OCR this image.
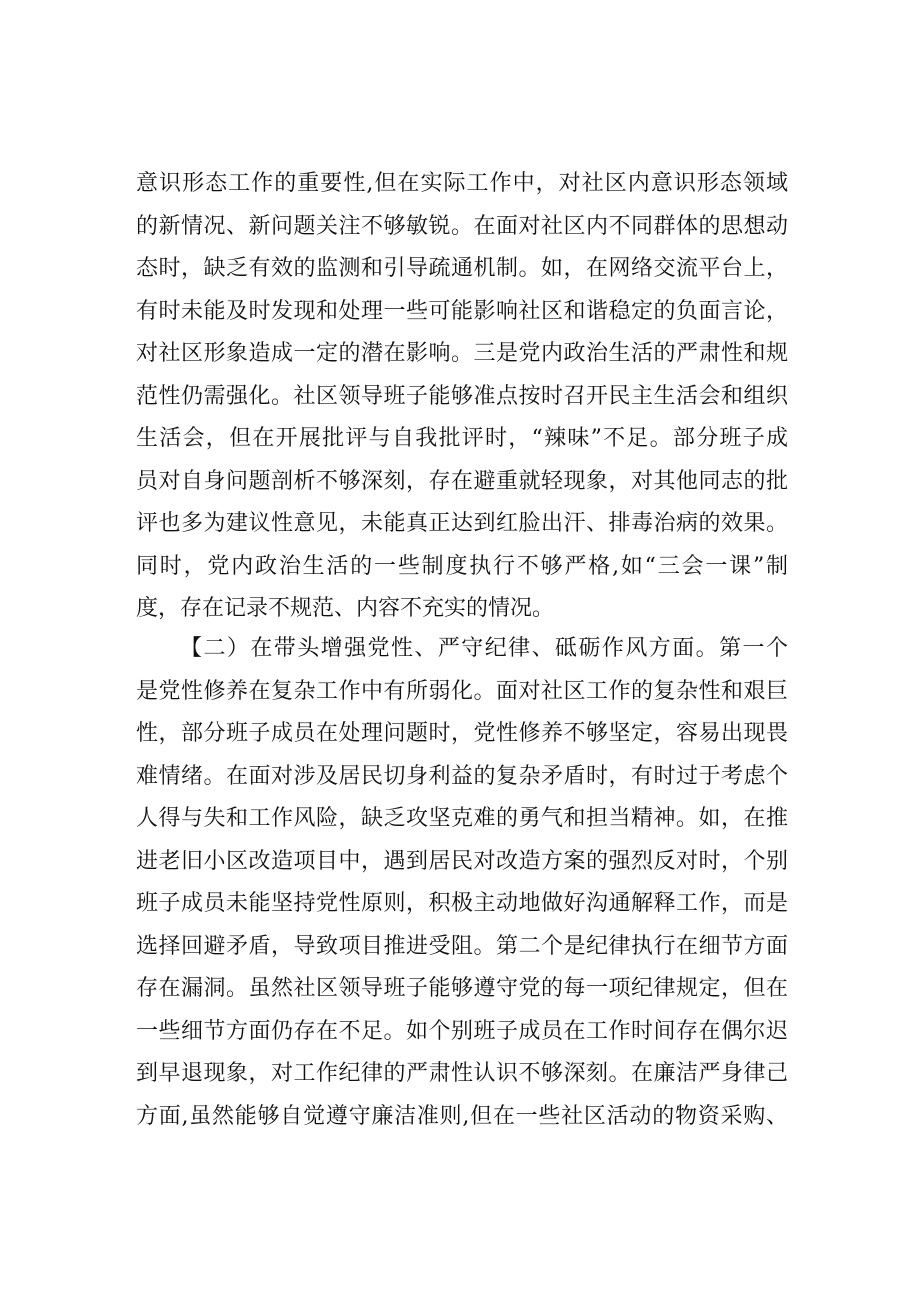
意识形态工作的重要性,但在实际工作中，对社区内意识形态领域
的新情况、新问题关注不够敏锐。在面对社区内不同群体的思想动
态时，缺乏有效的监测和引导疏通机制。如，在网络交流平台上，
有时未能及时发现和处理一些可能影响社区和谐稳定的负面言论，
对社区形象造成一定的潜在影响。三是党内政治生活的严肃性和规
范性仍需强化。社区领导班子能够准点按时召开民主生活会和组织
生活会，但在开展批评与自我批评时，“辣味”不足。部分班子成
员对自身问题剖析不够深刻，存在避重就轻现象，对其他同志的批
评也多为建议性意见，未能真正达到红脸出汗、排毒治病的效果。
同时，党内政治生活的一些制度执行不够严格,如“三会一课”制
度，存在记录不规范、内容不充实的情况。
【二）在带头增强党性、严守纪律、砥砺作风方面。第一个
是党性修养在复杂工作中有所弱化。面对社区工作的复杂性和艰巨
性，部分班子成员在处理问题时，党性修养不够坚定，容易出现畏
难情绪。在面对涉及居民切身利益的复杂矛盾时，有时过于考虑个
人得与失和工作风险，缺乏攻坚克难的勇气和担当精神。如，在推
进老旧小区改造项目中，遇到居民对改造方案的强烈反对时，个别
班子成员未能坚持党性原则，积极主动地做好沟通解释工作，而是
选择回避矛盾，导致项目推进受阻。第二个是纪律执行在细节方面
存在漏洞。虽然社区领导班子能够遵守党的每一项纪律规定，但在
一些细节方面仍存在不足。如个别班子成员在工作时间存在偶尔迟
到早退现象，对工作纪律的严肃性认识不够深刻。在廉洁严身律己
方面,虽然能够自觉遵守廉洁准则,但在一些社区活动的物资采购、
